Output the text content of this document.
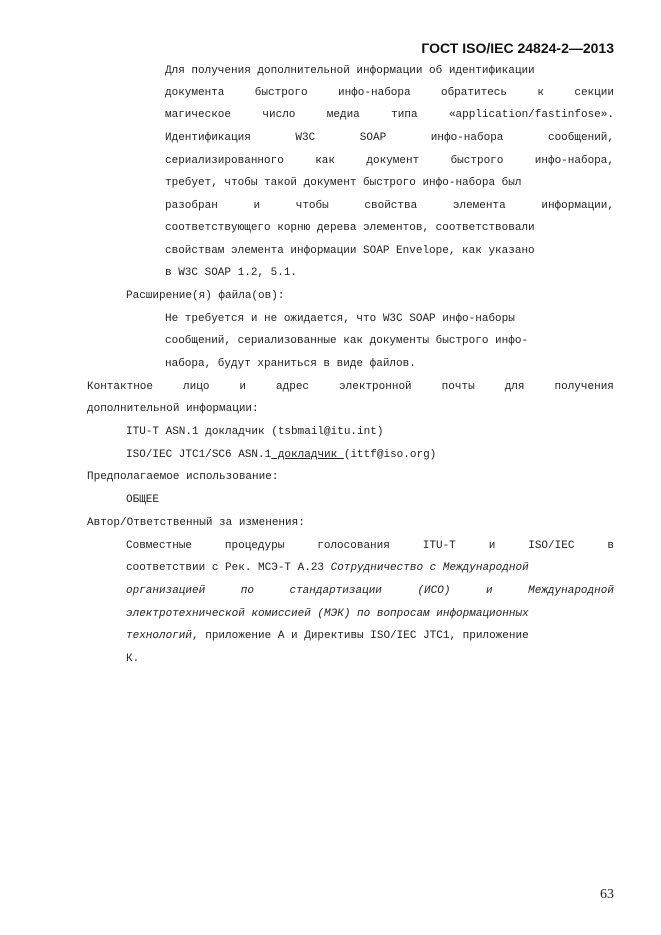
ГОСТ ISO/IEC 24824-2—2013
Для получения дополнительной информации об идентификации
документа	быстрого	инфо-набора	обратитесь	к	секции
магическое	число	медиа	типа	«application/fastinfose».
Идентификация	W3C	SOAP	инфо-набора	сообщений,
сериализированного	как	документ	быстрого	инфо-набора,
требует, чтобы такой документ быстрого инфо-набора был
разобран	и	чтобы	свойства	элемента	информации,
соответствующего корню дерева элементов, соответствовали
свойствам элемента информации SOAP Envelope, как указано
в W3C SOAP 1.2, 5.1.
Расширение(я) файла(ов):
Не требуется и не ожидается, что W3C SOAP инфо-наборы
сообщений, сериализованные как документы быстрого инфо-
набора, будут храниться в виде файлов.
Контактное	лицо	и	адрес	электронной	почты	для	получения
дополнительной информации:
ITU-T ASN.1 докладчик (tsbmail@itu.int)
ISO/IEC JTC1/SC6 ASN.1 докладчик (ittf@iso.org)
Предполагаемое использование:
ОБЩЕЕ
Автор/Ответственный за изменения:
Совместные	процедуры	голосования	ITU-T	и	ISO/IEC	в
соответствии с Рек. МСЭ-Т А.23 Сотрудничество с Международной
организацией	по	стандартизации	(ИСО)	и	Международной
электротехнической комиссией (МЭК) по вопросам информационных
технологий, приложение А и Директивы ISO/IEC JTC1, приложение
К.
63
